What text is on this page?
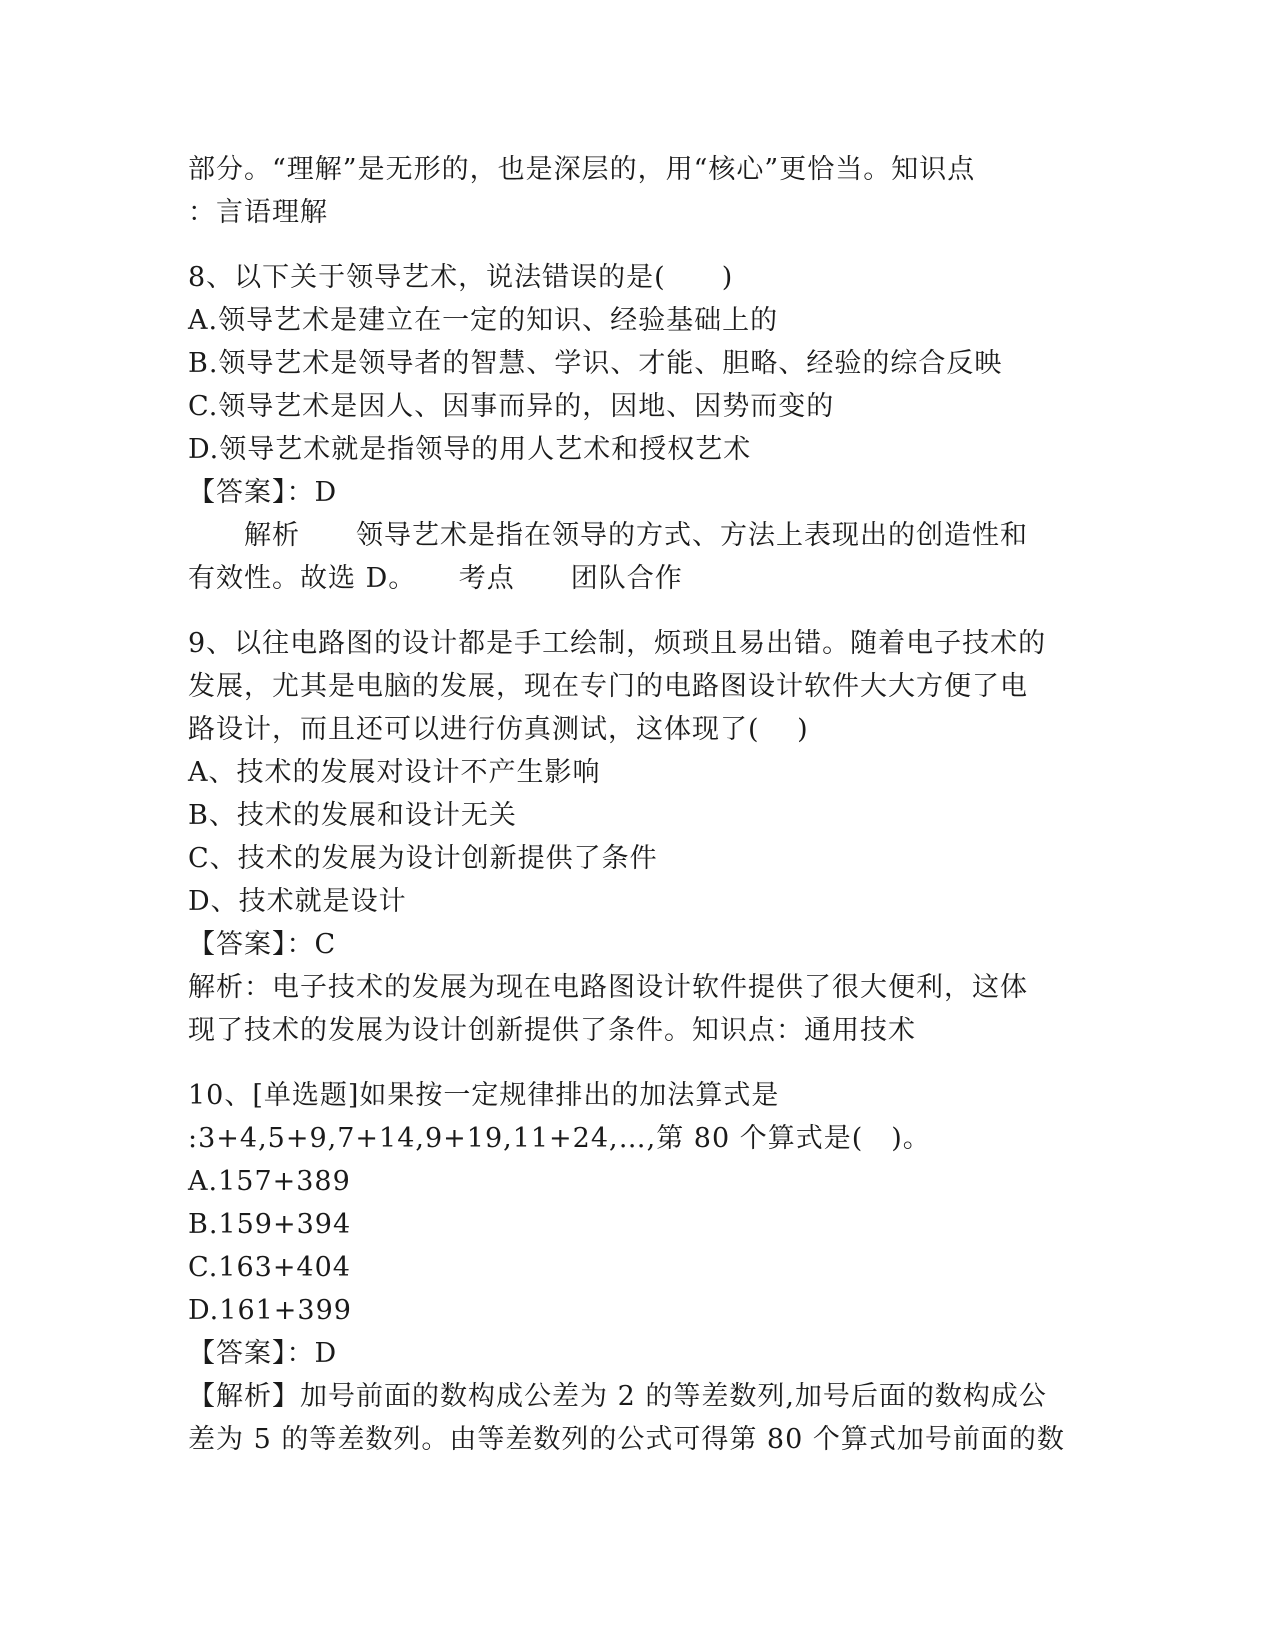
部分。“理解”是无形的，也是深层的，用“核心”更恰当。知识点
：言语理解
8、以下关于领导艺术，说法错误的是(　　)
A.领导艺术是建立在一定的知识、经验基础上的
B.领导艺术是领导者的智慧、学识、才能、胆略、经验的综合反映
C.领导艺术是因人、因事而异的，因地、因势而变的
D.领导艺术就是指领导的用人艺术和授权艺术
【答案】：D
　　解析　　领导艺术是指在领导的方式、方法上表现出的创造性和
有效性。故选 D。　　考点　　团队合作
9、以往电路图的设计都是手工绘制，烦琐且易出错。随着电子技术的
发展，尤其是电脑的发展，现在专门的电路图设计软件大大方便了电
路设计，而且还可以进行仿真测试，这体现了(　 )
A、技术的发展对设计不产生影响
B、技术的发展和设计无关
C、技术的发展为设计创新提供了条件
D、技术就是设计
【答案】：C
解析：电子技术的发展为现在电路图设计软件提供了很大便利，这体
现了技术的发展为设计创新提供了条件。知识点：通用技术
10、[单选题]如果按一定规律排出的加法算式是
:3+4,5+9,7+14,9+19,11+24,…,第 80 个算式是(　)。
A.157+389
B.159+394
C.163+404
D.161+399
【答案】：D
【解析】加号前面的数构成公差为 2 的等差数列,加号后面的数构成公
差为 5 的等差数列。由等差数列的公式可得第 80 个算式加号前面的数
